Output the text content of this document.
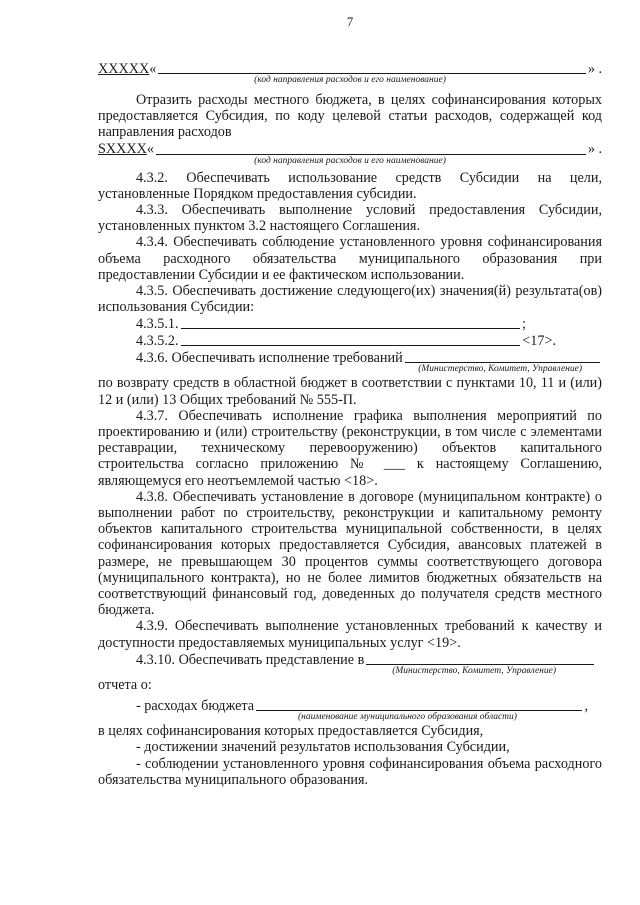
7
XXXXX «	» .
(код направления расходов и его наименование)

Отразить расходы местного бюджета, в целях софинансирования которых предоставляется Субсидия, по коду целевой статьи расходов, содержащей код направления расходов

SXXXX «	» .
(код направления расходов и его наименование)

4.3.2. Обеспечивать использование средств Субсидии на цели, установленные Порядком предоставления субсидии.

4.3.3. Обеспечивать выполнение условий предоставления Субсидии, установленных пунктом 3.2 настоящего Соглашения.

4.3.4. Обеспечивать соблюдение установленного уровня софинансирования объема расходного обязательства муниципального образования при предоставлении Субсидии и ее фактическом использовании.

4.3.5. Обеспечивать достижение следующего(их) значения(й) результата(ов) использования Субсидии:

4.3.5.1.	;
4.3.5.2.	<17>.
4.3.6. Обеспечивать исполнение требований
(Министерство, Комитет, Управление)

по возврату средств в областной бюджет в соответствии с пунктами 10, 11 и (или) 12 и (или) 13 Общих требований № 555-П.

4.3.7. Обеспечивать исполнение графика выполнения мероприятий по проектированию и (или) строительству (реконструкции, в том числе с элементами реставрации, техническому перевооружению) объектов капитального строительства согласно приложению № ___ к настоящему Соглашению, являющемуся его неотъемлемой частью <18>.

4.3.8. Обеспечивать установление в договоре (муниципальном контракте) о выполнении работ по строительству, реконструкции и капитальному ремонту объектов капитального строительства муниципальной собственности, в целях софинансирования которых предоставляется Субсидия, авансовых платежей в размере, не превышающем 30 процентов суммы соответствующего договора (муниципального контракта), но не более лимитов бюджетных обязательств на соответствующий финансовый год, доведенных до получателя средств местного бюджета.

4.3.9. Обеспечивать выполнение установленных требований к качеству и доступности предоставляемых муниципальных услуг <19>.

4.3.10. Обеспечивать представление в
(Министерство, Комитет, Управление)

отчета о:

- расходах бюджета	,
(наименование муниципального образования области)

в целях софинансирования которых предоставляется Субсидия,

- достижении значений результатов использования Субсидии,

- соблюдении установленного уровня софинансирования объема расходного обязательства муниципального образования.
